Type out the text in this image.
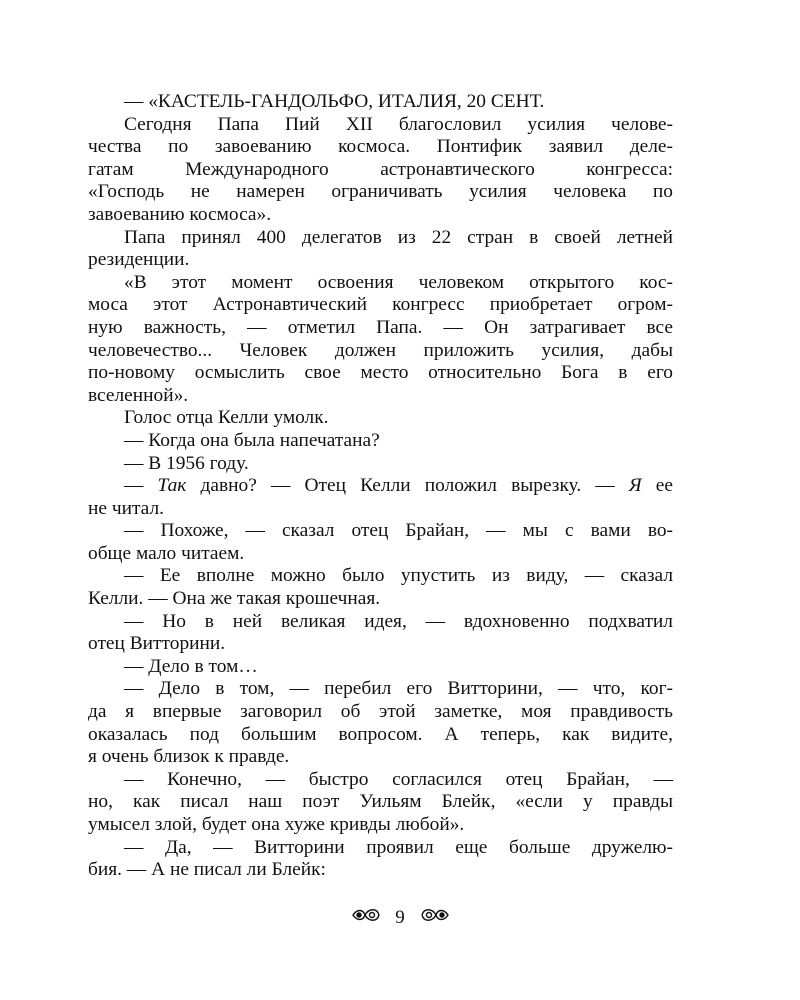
— «КАСТЕЛЬ-ГАНДОЛЬФО, ИТАЛИЯ, 20 СЕНТ.
Сегодня Папа Пий XII благословил усилия челове-
чества по завоеванию космоса. Понтифик заявил деле-
гатам Международного астронавтического конгресса:
«Господь не намерен ограничивать усилия человека по
завоеванию космоса».
Папа принял 400 делегатов из 22 стран в своей летней
резиденции.
«В этот момент освоения человеком открытого кос-
моса этот Астронавтический конгресс приобретает огром-
ную важность, — отметил Папа. — Он затрагивает все
человечество... Человек должен приложить усилия, дабы
по-новому осмыслить свое место относительно Бога в его
вселенной».
Голос отца Келли умолк.
— Когда она была напечатана?
— В 1956 году.
— Так давно? — Отец Келли положил вырезку. — Я ее
не читал.
— Похоже, — сказал отец Брайан, — мы с вами во-
обще мало читаем.
— Ее вполне можно было упустить из виду, — сказал
Келли. — Она же такая крошечная.
— Но в ней великая идея, — вдохновенно подхватил
отец Витторини.
— Дело в том…
— Дело в том, — перебил его Витторини, — что, ког-
да я впервые заговорил об этой заметке, моя правдивость
оказалась под большим вопросом. А теперь, как видите,
я очень близок к правде.
— Конечно, — быстро согласился отец Брайан, —
но, как писал наш поэт Уильям Блейк, «если у правды
умысел злой, будет она хуже кривды любой».
— Да, — Витторини проявил еще больше дружелю-
бия. — А не писал ли Блейк:
9
